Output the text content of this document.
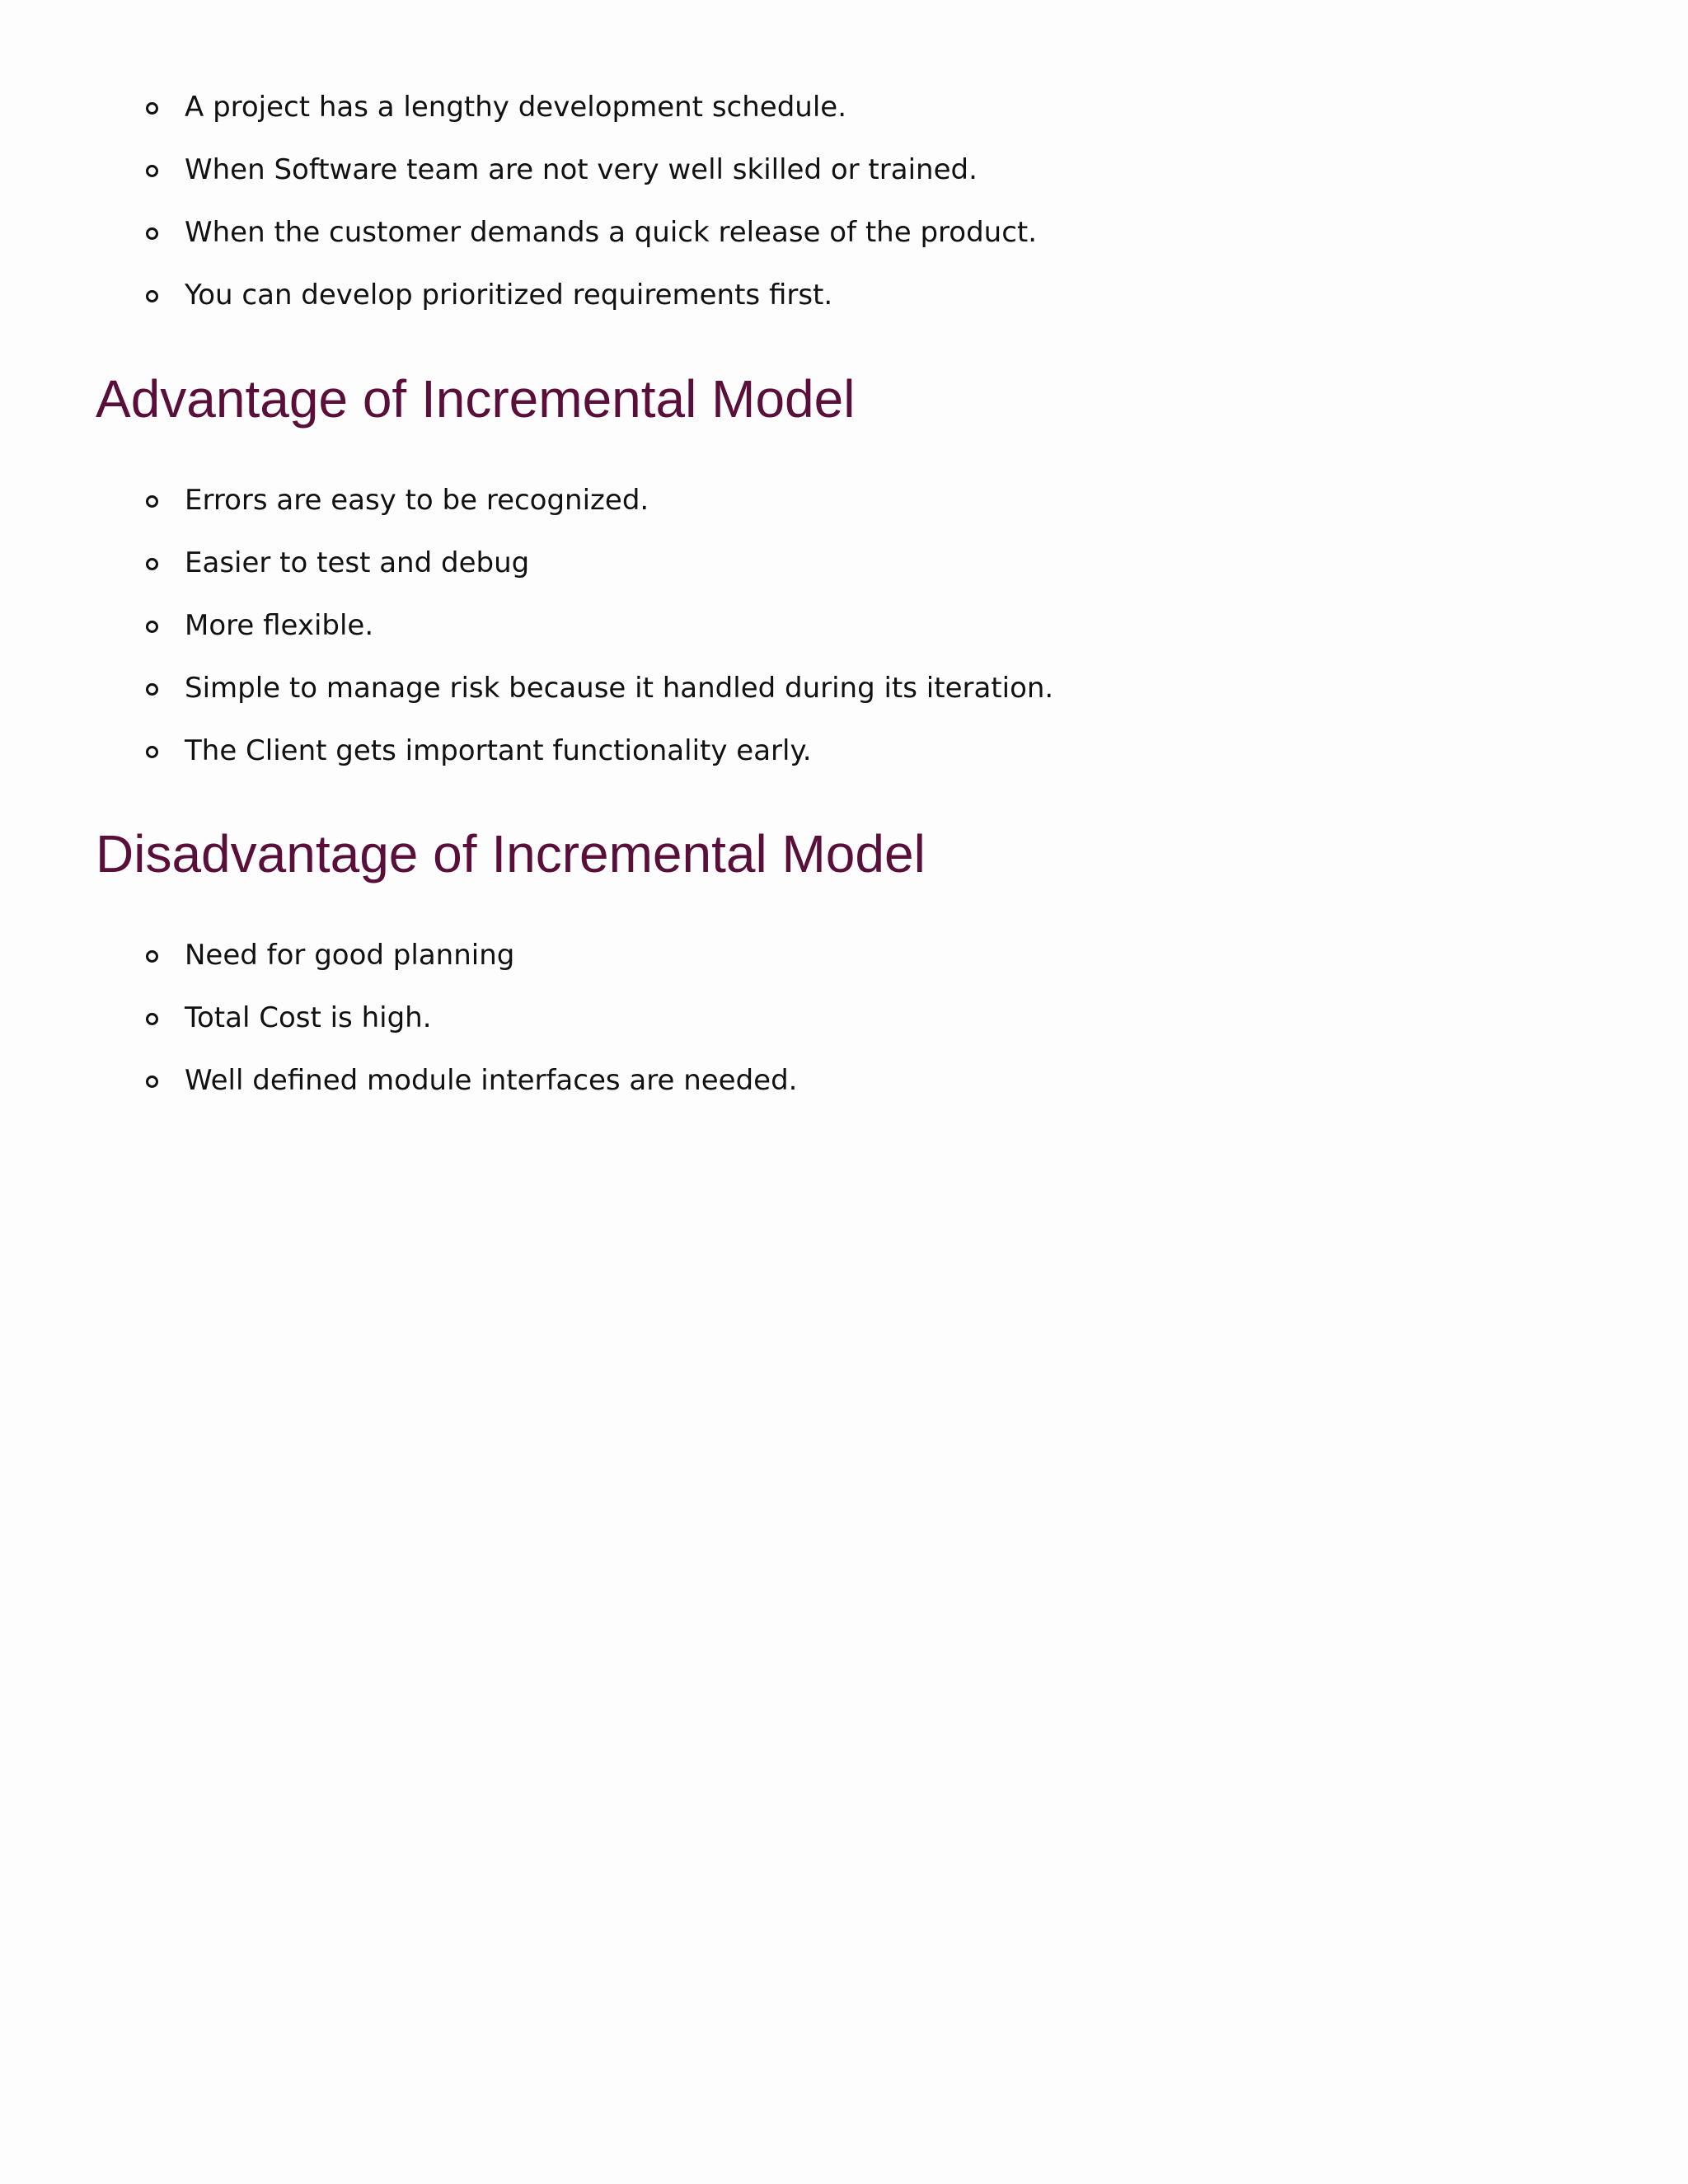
A project has a lengthy development schedule.
When Software team are not very well skilled or trained.
When the customer demands a quick release of the product.
You can develop prioritized requirements first.
Advantage of Incremental Model
Errors are easy to be recognized.
Easier to test and debug
More flexible.
Simple to manage risk because it handled during its iteration.
The Client gets important functionality early.
Disadvantage of Incremental Model
Need for good planning
Total Cost is high.
Well defined module interfaces are needed.
